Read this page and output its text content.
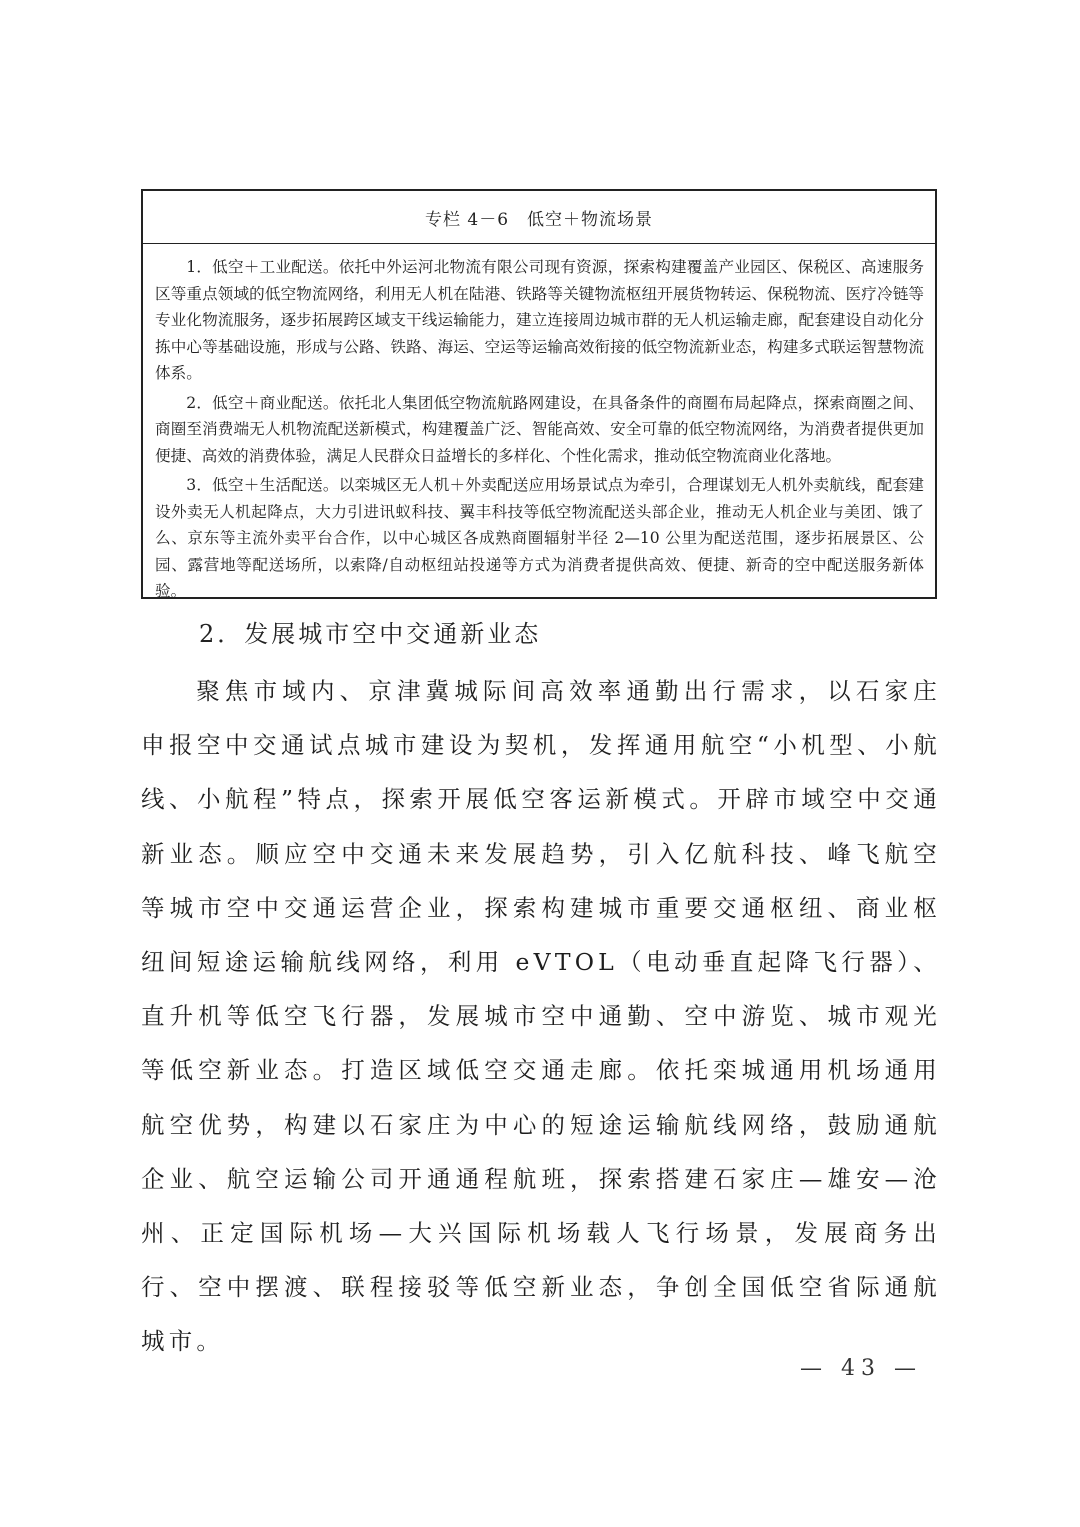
专栏 4－6　低空＋物流场景

1．低空＋工业配送。依托中外运河北物流有限公司现有资源，探索构建覆盖产业园区、保税区、高速服务区等重点领域的低空物流网络，利用无人机在陆港、铁路等关键物流枢纽开展货物转运、保税物流、医疗冷链等专业化物流服务，逐步拓展跨区域支干线运输能力，建立连接周边城市群的无人机运输走廊，配套建设自动化分拣中心等基础设施，形成与公路、铁路、海运、空运等运输高效衔接的低空物流新业态，构建多式联运智慧物流体系。

2．低空＋商业配送。依托北人集团低空物流航路网建设，在具备条件的商圈布局起降点，探索商圈之间、商圈至消费端无人机物流配送新模式，构建覆盖广泛、智能高效、安全可靠的低空物流网络，为消费者提供更加便捷、高效的消费体验，满足人民群众日益增长的多样化、个性化需求，推动低空物流商业化落地。

3．低空＋生活配送。以栾城区无人机＋外卖配送应用场景试点为牵引，合理谋划无人机外卖航线，配套建设外卖无人机起降点，大力引进讯蚁科技、翼丰科技等低空物流配送头部企业，推动无人机企业与美团、饿了么、京东等主流外卖平台合作，以中心城区各成熟商圈辐射半径 2—10 公里为配送范围，逐步拓展景区、公园、露营地等配送场所，以索降/自动枢纽站投递等方式为消费者提供高效、便捷、新奇的空中配送服务新体验。

2．发展城市空中交通新业态

聚焦市域内、京津冀城际间高效率通勤出行需求，以石家庄申报空中交通试点城市建设为契机，发挥通用航空“小机型、小航线、小航程”特点，探索开展低空客运新模式。开辟市域空中交通新业态。顺应空中交通未来发展趋势，引入亿航科技、峰飞航空等城市空中交通运营企业，探索构建城市重要交通枢纽、商业枢纽间短途运输航线网络，利用 eVTOL（电动垂直起降飞行器）、直升机等低空飞行器，发展城市空中通勤、空中游览、城市观光等低空新业态。打造区域低空交通走廊。依托栾城通用机场通用航空优势，构建以石家庄为中心的短途运输航线网络，鼓励通航企业、航空运输公司开通通程航班，探索搭建石家庄—雄安—沧州、正定国际机场—大兴国际机场载人飞行场景，发展商务出行、空中摆渡、联程接驳等低空新业态，争创全国低空省际通航城市。

— 43 —
